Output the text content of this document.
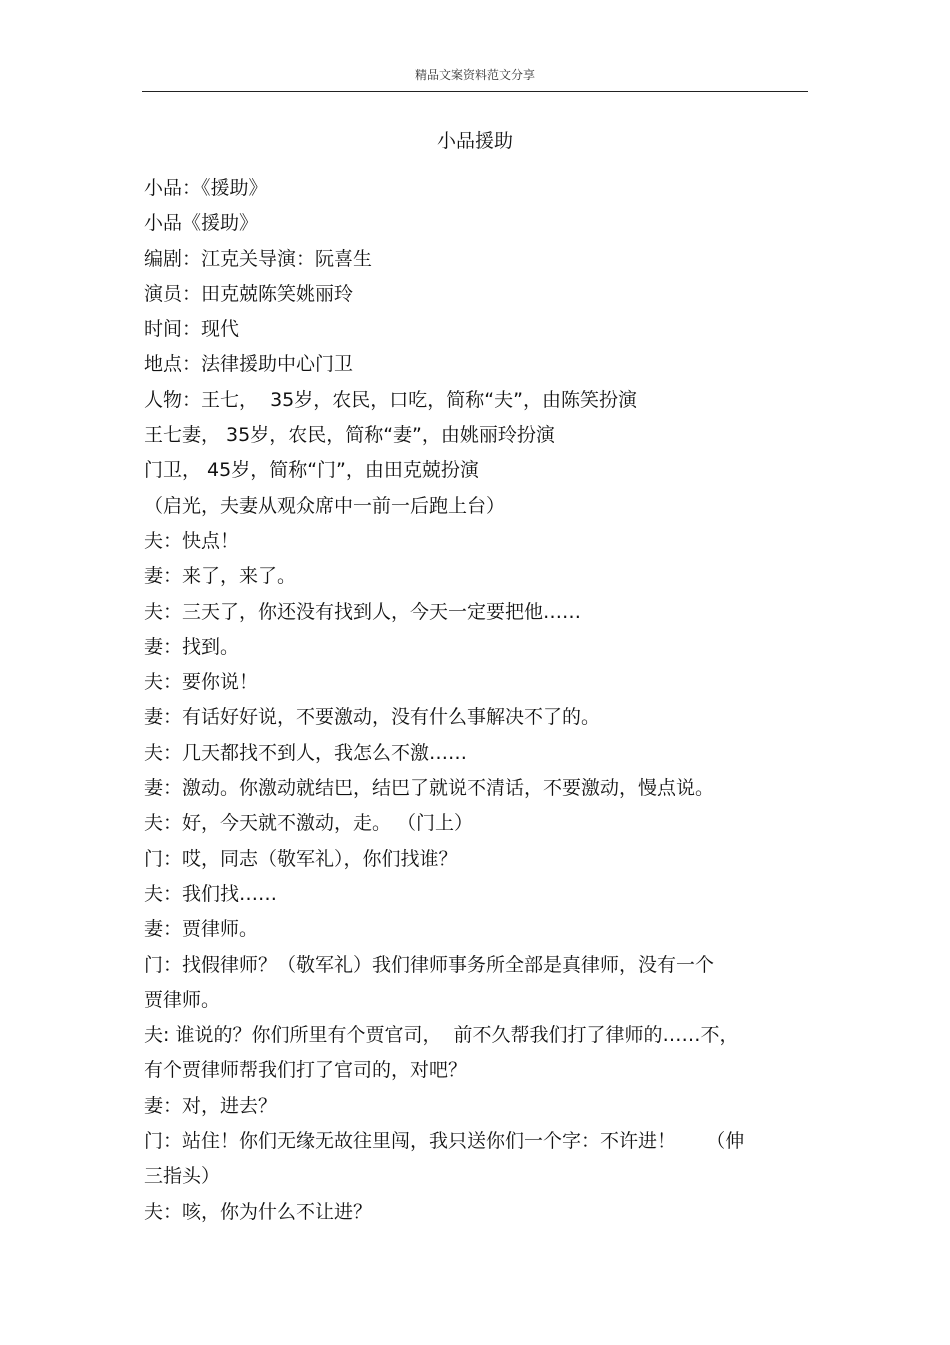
精品文案资料范文分享
小品援助
小品：《援助》
小品《援助》
编剧：江克关导演：阮喜生
演员：田克兢陈笑姚丽玲
时间：现代
地点：法律援助中心门卫
人物：王七，  35岁，农民，口吃，简称“夫”，由陈笑扮演
王七妻， 35岁，农民，简称“妻”，由姚丽玲扮演
门卫， 45岁，简称“门”，由田克兢扮演
（启光，夫妻从观众席中一前一后跑上台）
夫：快点！
妻：来了，来了。
夫：三天了，你还没有找到人，今天一定要把他……
妻：找到。
夫：要你说！
妻：有话好好说，不要激动，没有什么事解决不了的。
夫：几天都找不到人，我怎么不激……
妻：激动。你激动就结巴，结巴了就说不清话，不要激动，慢点说。
夫：好，今天就不激动，走。 （门上）
门：哎，同志（敬军礼），你们找谁？
夫：我们找……
妻：贾律师。
门：找假律师？（敬军礼）我们律师事务所全部是真律师，没有一个
贾律师。
夫: 谁说的？你们所里有个贾官司，  前不久帮我们打了律师的……不，
有个贾律师帮我们打了官司的，对吧？
妻：对，进去？
门：站住！你们无缘无故往里闯，我只送你们一个字：不许进！     （伸
三指头）
夫：咳，你为什么不让进？
